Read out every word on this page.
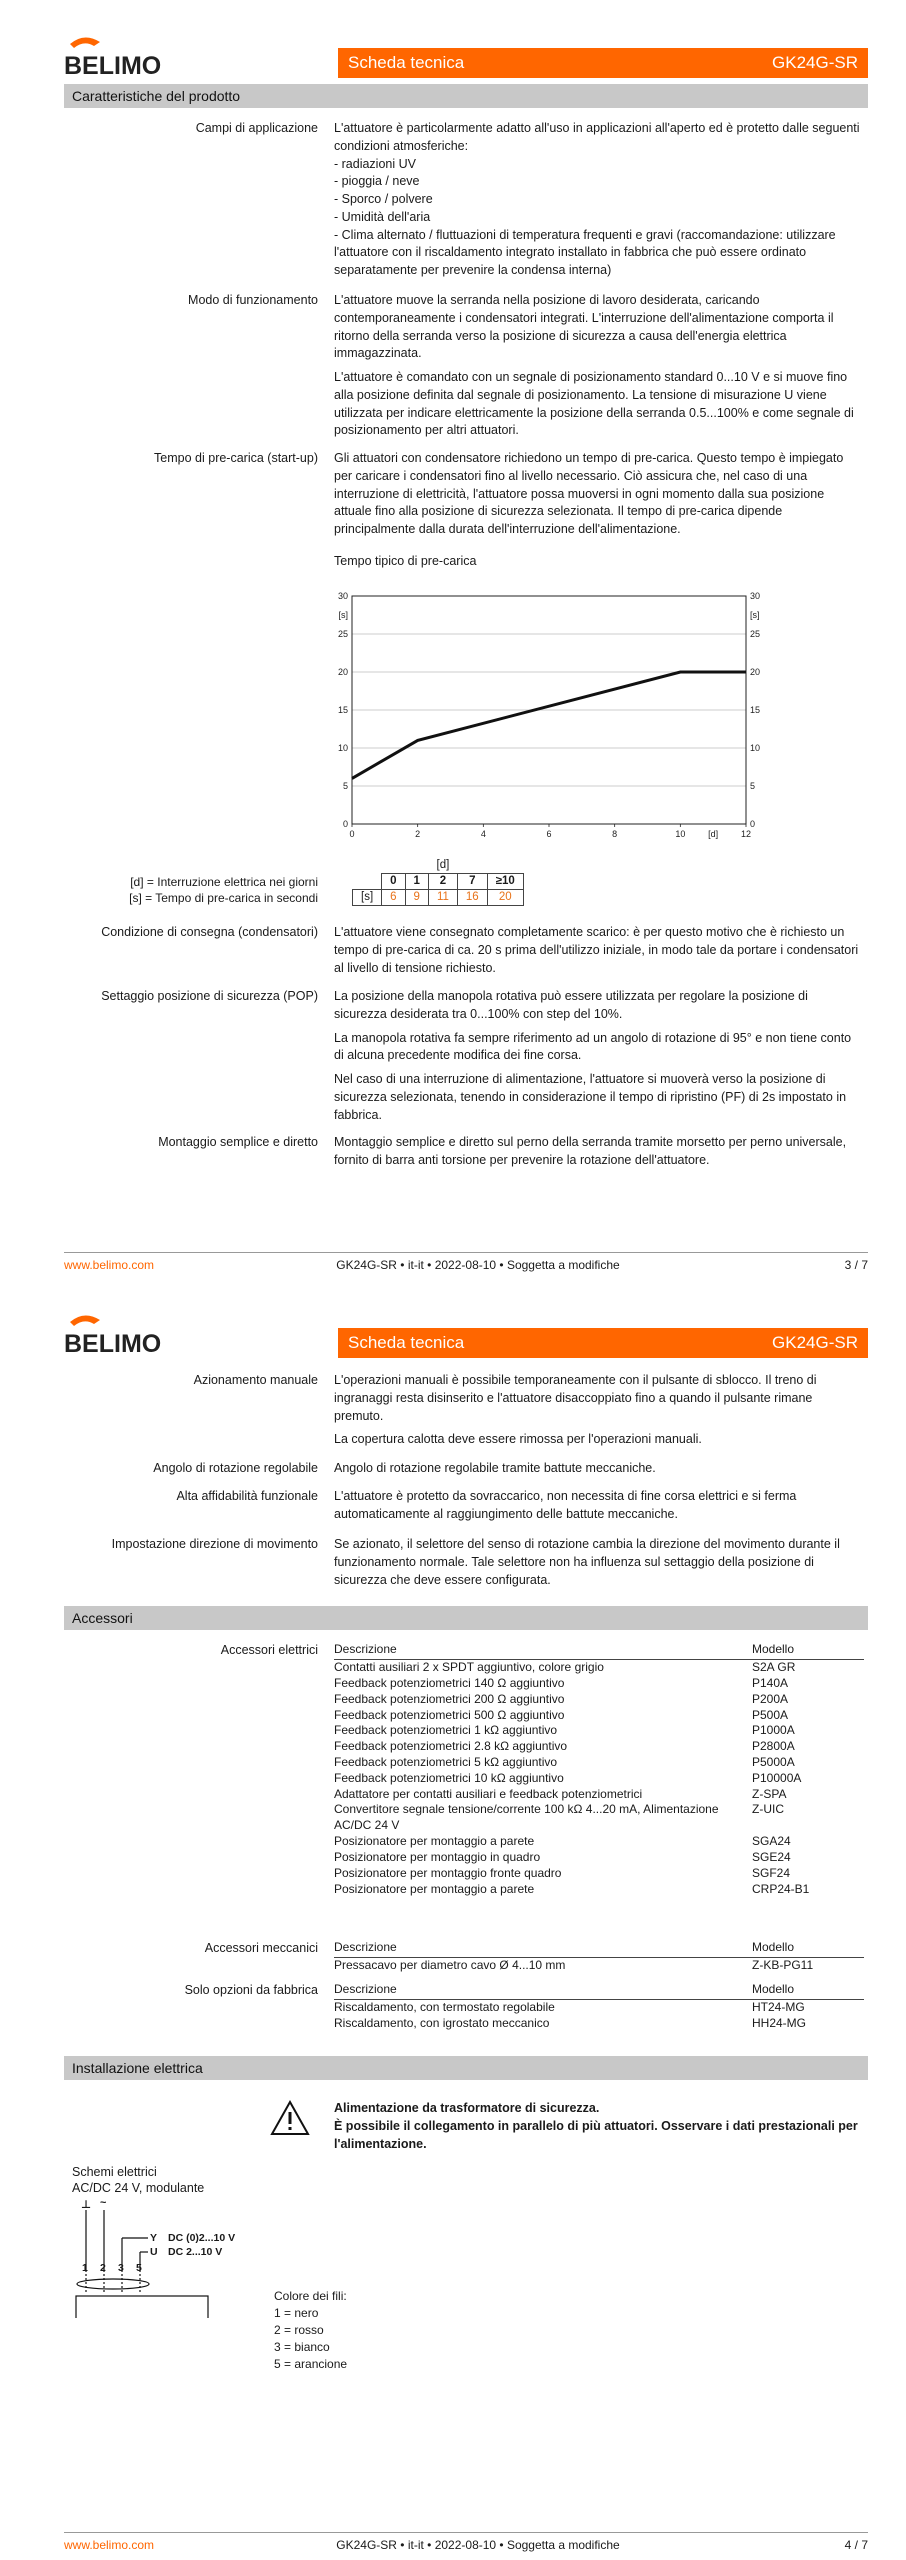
BELIMO	Scheda tecnica	GK24G-SR
Caratteristiche del prodotto
Campi di applicazione L'attuatore è particolarmente adatto all'uso in applicazioni all'aperto ed è protetto dalle seguenti condizioni atmosferiche:
- radiazioni UV
- pioggia / neve
- Sporco / polvere
- Umidità dell'aria
- Clima alternato / fluttuazioni di temperatura frequenti e gravi (raccomandazione: utilizzare l'attuatore con il riscaldamento integrato installato in fabbrica che può essere ordinato separatamente per prevenire la condensa interna)
Modo di funzionamento L'attuatore muove la serranda nella posizione di lavoro desiderata, caricando contemporaneamente i condensatori integrati. L'interruzione dell'alimentazione comporta il ritorno della serranda verso la posizione di sicurezza a causa dell'energia elettrica immagazzinata.

L'attuatore è comandato con un segnale di posizionamento standard 0...10 V e si muove fino alla posizione definita dal segnale di posizionamento. La tensione di misurazione U viene utilizzata per indicare elettricamente la posizione della serranda 0.5...100% e come segnale di posizionamento per altri attuatori.

Tempo di pre-carica (start-up) Gli attuatori con condensatore richiedono un tempo di pre-carica. Questo tempo è impiegato per caricare i condensatori fino al livello necessario. Ciò assicura che, nel caso di una interruzione di elettricità, l'attuatore possa muoversi in ogni momento dalla sua posizione attuale fino alla posizione di sicurezza selezionata. Il tempo di pre-carica dipende principalmente dalla durata dell'interruzione dell'alimentazione.

Tempo tipico di pre-carica
0	0
5	5
10	10
15	15
20	20
25	25
30	30
0	2	4	6	8	10	12
[s]	[s]
[d]
[d] = Interruzione elettrica nei giorni
[s] = Tempo di pre-carica in secondi
			[d]		
	0	1	2	7	≥10
[s]	6	9	11	16	20
Condizione di consegna (condensatori) L'attuatore viene consegnato completamente scarico: è per questo motivo che è richiesto un tempo di pre-carica di ca. 20 s prima dell'utilizzo iniziale, in modo tale da portare i condensatori al livello di tensione richiesto.

Settaggio posizione di sicurezza (POP) La posizione della manopola rotativa può essere utilizzata per regolare la posizione di sicurezza desiderata tra 0...100% con step del 10%.

La manopola rotativa fa sempre riferimento ad un angolo di rotazione di 95° e non tiene conto di alcuna precedente modifica dei fine corsa.

Nel caso di una interruzione di alimentazione, l'attuatore si muoverà verso la posizione di sicurezza selezionata, tenendo in considerazione il tempo di ripristino (PF) di 2s impostato in fabbrica.

Montaggio semplice e diretto Montaggio semplice e diretto sul perno della serranda tramite morsetto per perno universale, fornito di barra anti torsione per prevenire la rotazione dell'attuatore.

www.belimo.com	GK24G-SR • it-it • 2022-08-10 • Soggetta a modifiche	3 / 7
BELIMO	Scheda tecnica	GK24G-SR
Azionamento manuale L'operazioni manuali è possibile temporaneamente con il pulsante di sblocco. Il treno di ingranaggi resta disinserito e l'attuatore disaccoppiato fino a quando il pulsante rimane premuto.

La copertura calotta deve essere rimossa per l'operazioni manuali.

Angolo di rotazione regolabile Angolo di rotazione regolabile tramite battute meccaniche.
Alta affidabilità funzionale L'attuatore è protetto da sovraccarico, non necessita di fine corsa elettrici e si ferma automaticamente al raggiungimento delle battute meccaniche.
Impostazione direzione di movimento Se azionato, il selettore del senso di rotazione cambia la direzione del movimento durante il funzionamento normale. Tale selettore non ha influenza sul settaggio della posizione di sicurezza che deve essere configurata.
Accessori
Accessori elettrici Descrizione	Modello
Contatti ausiliari 2 x SPDT aggiuntivo, colore grigio	S2A GR
Feedback potenziometrici 140 Ω aggiuntivo	P140A
Feedback potenziometrici 200 Ω aggiuntivo	P200A
Feedback potenziometrici 500 Ω aggiuntivo	P500A
Feedback potenziometrici 1 kΩ aggiuntivo	P1000A
Feedback potenziometrici 2.8 kΩ aggiuntivo	P2800A
Feedback potenziometrici 5 kΩ aggiuntivo	P5000A
Feedback potenziometrici 10 kΩ aggiuntivo	P10000A
Adattatore per contatti ausiliari e feedback potenziometrici	Z-SPA
Convertitore segnale tensione/corrente 100 kΩ 4...20 mA, Alimentazione AC/DC 24 V	Z-UIC
Posizionatore per montaggio a parete	SGA24
Posizionatore per montaggio in quadro	SGE24
Posizionatore per montaggio fronte quadro	SGF24
Posizionatore per montaggio a parete	CRP24-B1
Accessori meccanici Descrizione	Modello
Pressacavo per diametro cavo Ø 4...10 mm	Z-KB-PG11
Solo opzioni da fabbrica Descrizione	Modello
Riscaldamento, con termostato regolabile	HT24-MG
Riscaldamento, con igrostato meccanico	HH24-MG
Installazione elettrica
Alimentazione da trasformatore di sicurezza.
È possibile il collegamento in parallelo di più attuatori. Osservare i dati prestazionali per l'alimentazione.
Schemi elettrici
AC/DC 24 V, modulante
⊥ ~
Y DC (0)2...10 V
U DC 2...10 V
1 2 3 5
Colore dei fili:
1 = nero
2 = rosso
3 = bianco
5 = arancione
www.belimo.com	GK24G-SR • it-it • 2022-08-10 • Soggetta a modifiche	4 / 7
